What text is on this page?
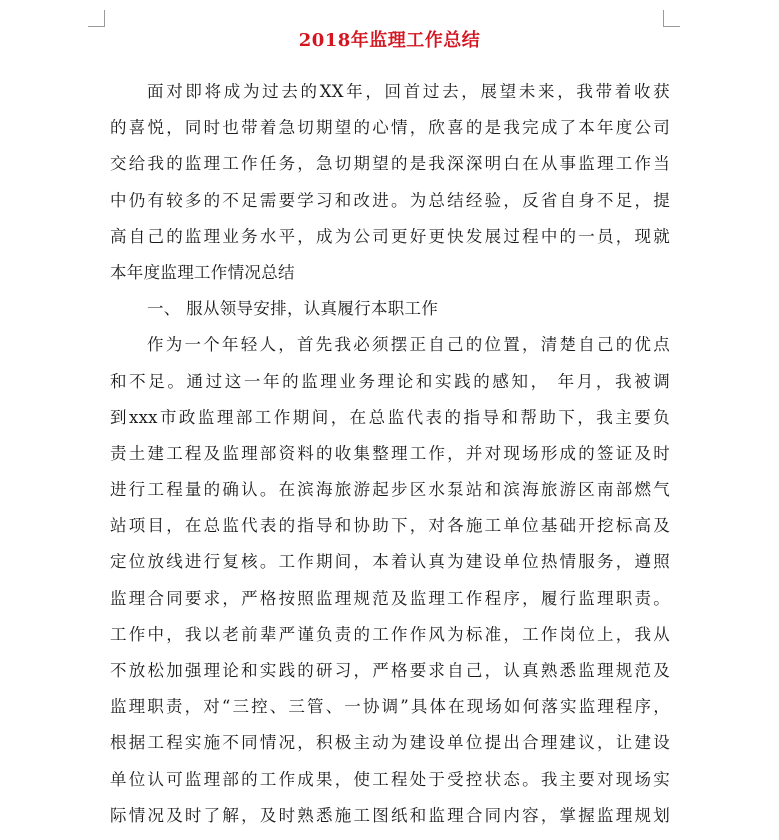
2018年监理工作总结
面对即将成为过去的XX年，回首过去，展望未来，我带着收获
的喜悦，同时也带着急切期望的心情，欣喜的是我完成了本年度公司
交给我的监理工作任务，急切期望的是我深深明白在从事监理工作当
中仍有较多的不足需要学习和改进。为总结经验，反省自身不足，提
高自己的监理业务水平，成为公司更好更快发展过程中的一员，现就
本年度监理工作情况总结
一、 服从领导安排，认真履行本职工作
作为一个年轻人，首先我必须摆正自己的位置，清楚自己的优点
和不足。通过这一年的监理业务理论和实践的感知， 年月，我被调
到xxx市政监理部工作期间，在总监代表的指导和帮助下，我主要负
责土建工程及监理部资料的收集整理工作，并对现场形成的签证及时
进行工程量的确认。在滨海旅游起步区水泵站和滨海旅游区南部燃气
站项目，在总监代表的指导和协助下，对各施工单位基础开挖标高及
定位放线进行复核。工作期间，本着认真为建设单位热情服务，遵照
监理合同要求，严格按照监理规范及监理工作程序，履行监理职责。
工作中，我以老前辈严谨负责的工作作风为标准，工作岗位上，我从
不放松加强理论和实践的研习，严格要求自己，认真熟悉监理规范及
监理职责，对“三控、三管、一协调”具体在现场如何落实监理程序，
根据工程实施不同情况，积极主动为建设单位提出合理建议，让建设
单位认可监理部的工作成果，使工程处于受控状态。我主要对现场实
际情况及时了解，及时熟悉施工图纸和监理合同内容，掌握监理规划
